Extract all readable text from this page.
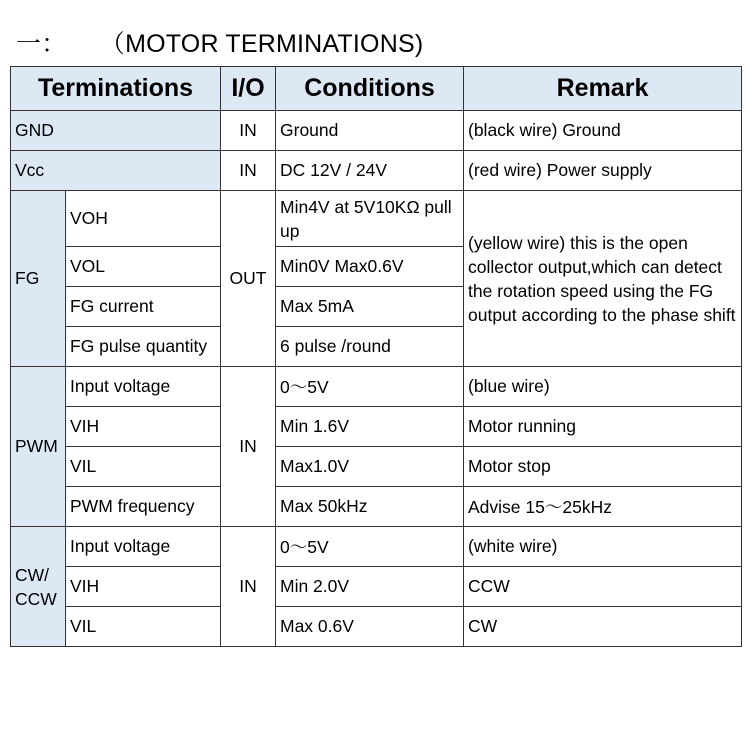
一： （MOTOR TERMINATIONS)
Terminations		I/O	Conditions	Remark
GND		IN	Ground	(black wire) Ground
Vcc		IN	DC 12V / 24V	(red wire) Power supply
FG	VOH	OUT	Min4V at 5V10KΩ pull up	(yellow wire) this is the open collector output,which can detect the rotation speed using the FG output according to the phase shift
	VOL		Min0V Max0.6V	
	FG current		Max 5mA	
	FG pulse quantity		6 pulse /round	
PWM	Input voltage	IN	0～5V	(blue wire)
	VIH		Min 1.6V	Motor running
	VIL		Max1.0V	Motor stop
	PWM frequency		Max 50kHz	Advise 15～25kHz
CW/
CCW	Input voltage	IN	0～5V	(white wire)
	VIH		Min 2.0V	CCW
	VIL		Max 0.6V	CW
